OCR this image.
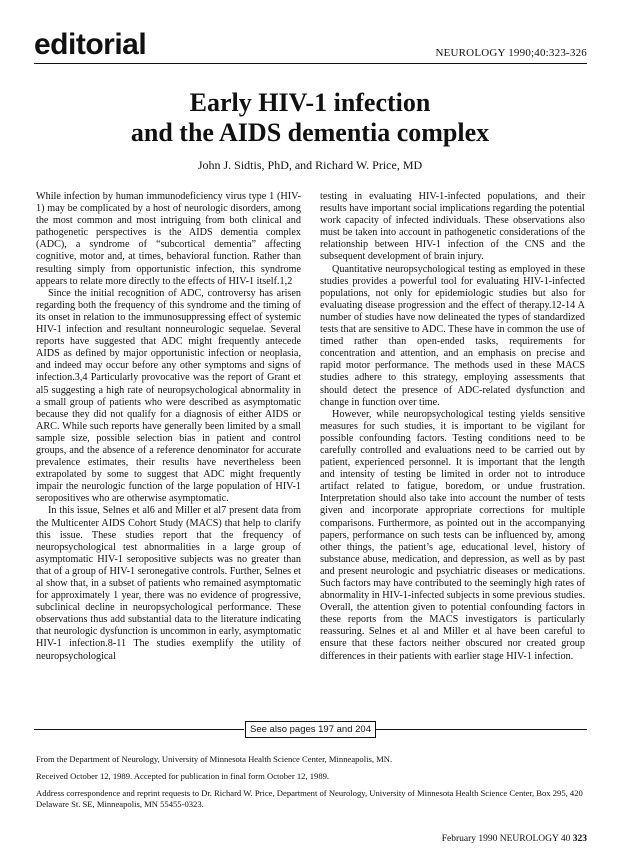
editorial	NEUROLOGY 1990;40:323-326
Early HIV-1 infection
and the AIDS dementia complex
John J. Sidtis, PhD, and Richard W. Price, MD

While infection by human immunodeficiency virus type 1 (HIV-1) may be complicated by a host of neurologic disorders, among the most common and most intriguing from both clinical and pathogenetic perspectives is the AIDS dementia complex (ADC), a syndrome of “subcortical dementia” affecting cognitive, motor and, at times, behavioral function. Rather than resulting simply from opportunistic infection, this syndrome appears to relate more directly to the effects of HIV-1 itself.1,2

Since the initial recognition of ADC, controversy has arisen regarding both the frequency of this syndrome and the timing of its onset in relation to the immunosuppressing effect of systemic HIV-1 infection and resultant nonneurologic sequelae. Several reports have suggested that ADC might frequently antecede AIDS as defined by major opportunistic infection or neoplasia, and indeed may occur before any other symptoms and signs of infection.3,4 Particularly provocative was the report of Grant et al5 suggesting a high rate of neuropsychological abnormality in a small group of patients who were described as asymptomatic because they did not qualify for a diagnosis of either AIDS or ARC. While such reports have generally been limited by a small sample size, possible selection bias in patient and control groups, and the absence of a reference denominator for accurate prevalence estimates, their results have nevertheless been extrapolated by some to suggest that ADC might frequently impair the neurologic function of the large population of HIV-1 seropositives who are otherwise asymptomatic.

In this issue, Selnes et al6 and Miller et al7 present data from the Multicenter AIDS Cohort Study (MACS) that help to clarify this issue. These studies report that the frequency of neuropsychological test abnormalities in a large group of asymptomatic HIV-1 seropositive subjects was no greater than that of a group of HIV-1 seronegative controls. Further, Selnes et al show that, in a subset of patients who remained asymptomatic for approximately 1 year, there was no evidence of progressive, subclinical decline in neuropsychological performance. These observations thus add substantial data to the literature indicating that neurologic dysfunction is uncommon in early, asymptomatic HIV-1 infection.8-11 The studies exemplify the utility of neuropsychological

testing in evaluating HIV-1-infected populations, and their results have important social implications regarding the potential work capacity of infected individuals. These observations also must be taken into account in pathogenetic considerations of the relationship between HIV-1 infection of the CNS and the subsequent development of brain injury.

Quantitative neuropsychological testing as employed in these studies provides a powerful tool for evaluating HIV-1-infected populations, not only for epidemiologic studies but also for evaluating disease progression and the effect of therapy.12-14 A number of studies have now delineated the types of standardized tests that are sensitive to ADC. These have in common the use of timed rather than open-ended tasks, requirements for concentration and attention, and an emphasis on precise and rapid motor performance. The methods used in these MACS studies adhere to this strategy, employing assessments that should detect the presence of ADC-related dysfunction and change in function over time.

However, while neuropsychological testing yields sensitive measures for such studies, it is important to be vigilant for possible confounding factors. Testing conditions need to be carefully controlled and evaluations need to be carried out by patient, experienced personnel. It is important that the length and intensity of testing be limited in order not to introduce artifact related to fatigue, boredom, or undue frustration. Interpretation should also take into account the number of tests given and incorporate appropriate corrections for multiple comparisons. Furthermore, as pointed out in the accompanying papers, performance on such tests can be influenced by, among other things, the patient’s age, educational level, history of substance abuse, medication, and depression, as well as by past and present neurologic and psychiatric diseases or medications. Such factors may have contributed to the seemingly high rates of abnormality in HIV-1-infected subjects in some previous studies. Overall, the attention given to potential confounding factors in these reports from the MACS investigators is particularly reassuring. Selnes et al and Miller et al have been careful to ensure that these factors neither obscured nor created group differences in their patients with earlier stage HIV-1 infection.

See also pages 197 and 204
From the Department of Neurology, University of Minnesota Health Science Center, Minneapolis, MN.
Received October 12, 1989. Accepted for publication in final form October 12, 1989.
Address correspondence and reprint requests to Dr. Richard W. Price, Department of Neurology, University of Minnesota Health Science Center, Box 295, 420 Delaware St. SE, Minneapolis, MN 55455-0323.
February 1990 NEUROLOGY 40 323
